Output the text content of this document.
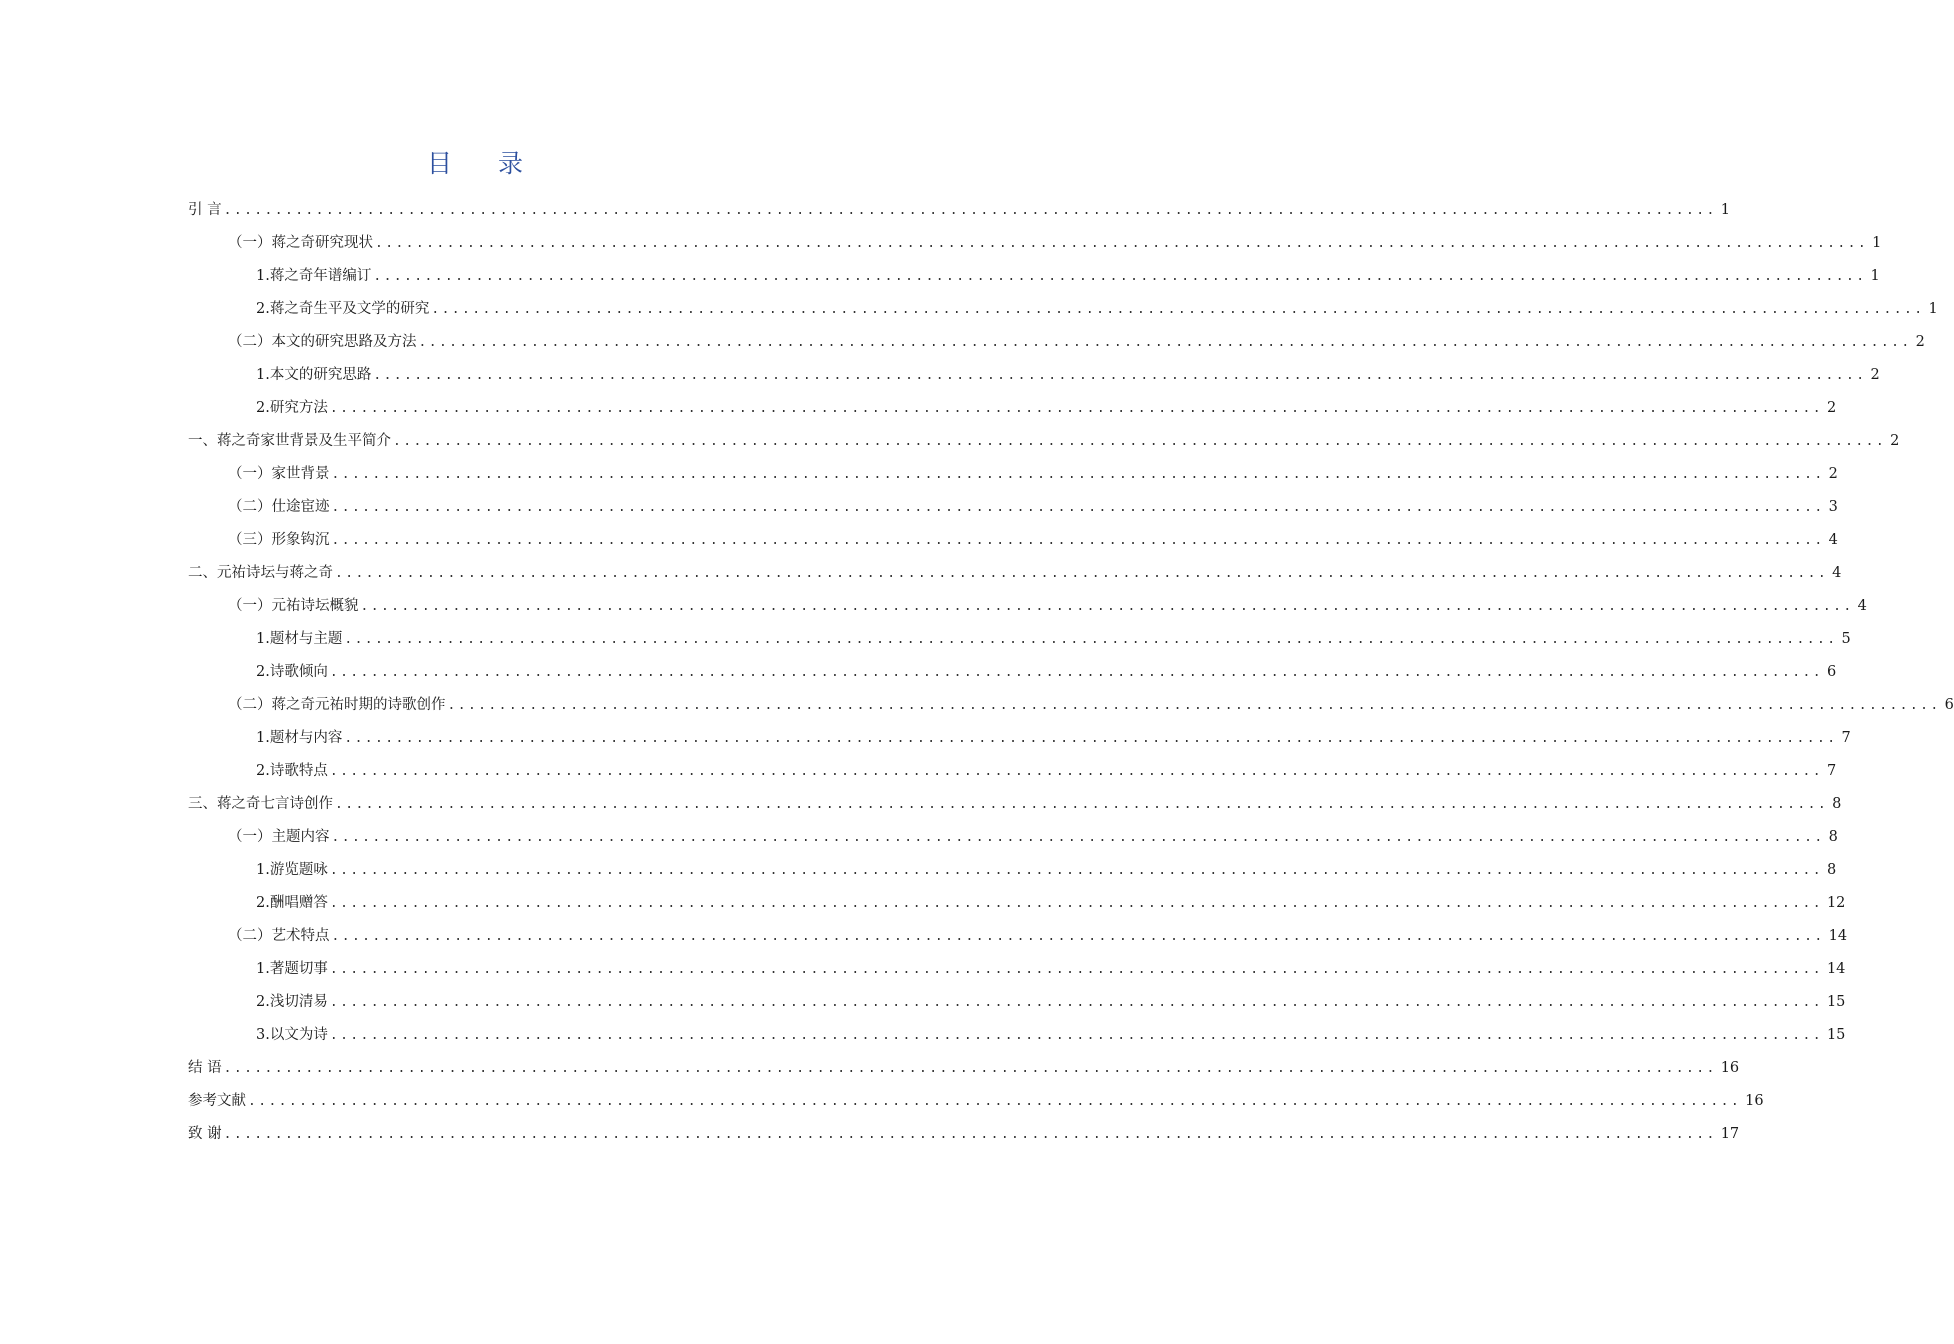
目 录
引 言 .................................................................................................................................................. 1
（一）蒋之奇研究现状 .................................................................................................................................................. 1
1.蒋之奇年谱编订 .................................................................................................................................................. 1
2.蒋之奇生平及文学的研究 .................................................................................................................................................. 1
（二）本文的研究思路及方法 .................................................................................................................................................. 2
1.本文的研究思路 .................................................................................................................................................. 2
2.研究方法 .................................................................................................................................................. 2
一、蒋之奇家世背景及生平简介 .................................................................................................................................................. 2
（一）家世背景 .................................................................................................................................................. 2
（二）仕途宦迹 .................................................................................................................................................. 3
（三）形象钩沉 .................................................................................................................................................. 4
二、元祐诗坛与蒋之奇 .................................................................................................................................................. 4
（一）元祐诗坛概貌 .................................................................................................................................................. 4
1.题材与主题 .................................................................................................................................................. 5
2.诗歌倾向 .................................................................................................................................................. 6
（二）蒋之奇元祐时期的诗歌创作 .................................................................................................................................................. 6
1.题材与内容 .................................................................................................................................................. 7
2.诗歌特点 .................................................................................................................................................. 7
三、蒋之奇七言诗创作 .................................................................................................................................................. 8
（一）主题内容 .................................................................................................................................................. 8
1.游览题咏 .................................................................................................................................................. 8
2.酬唱赠答 .................................................................................................................................................. 12
（二）艺术特点 .................................................................................................................................................. 14
1.著题切事 .................................................................................................................................................. 14
2.浅切清易 .................................................................................................................................................. 15
3.以文为诗 .................................................................................................................................................. 15
结 语 .................................................................................................................................................. 16
参考文献 .................................................................................................................................................. 16
致 谢 .................................................................................................................................................. 17
